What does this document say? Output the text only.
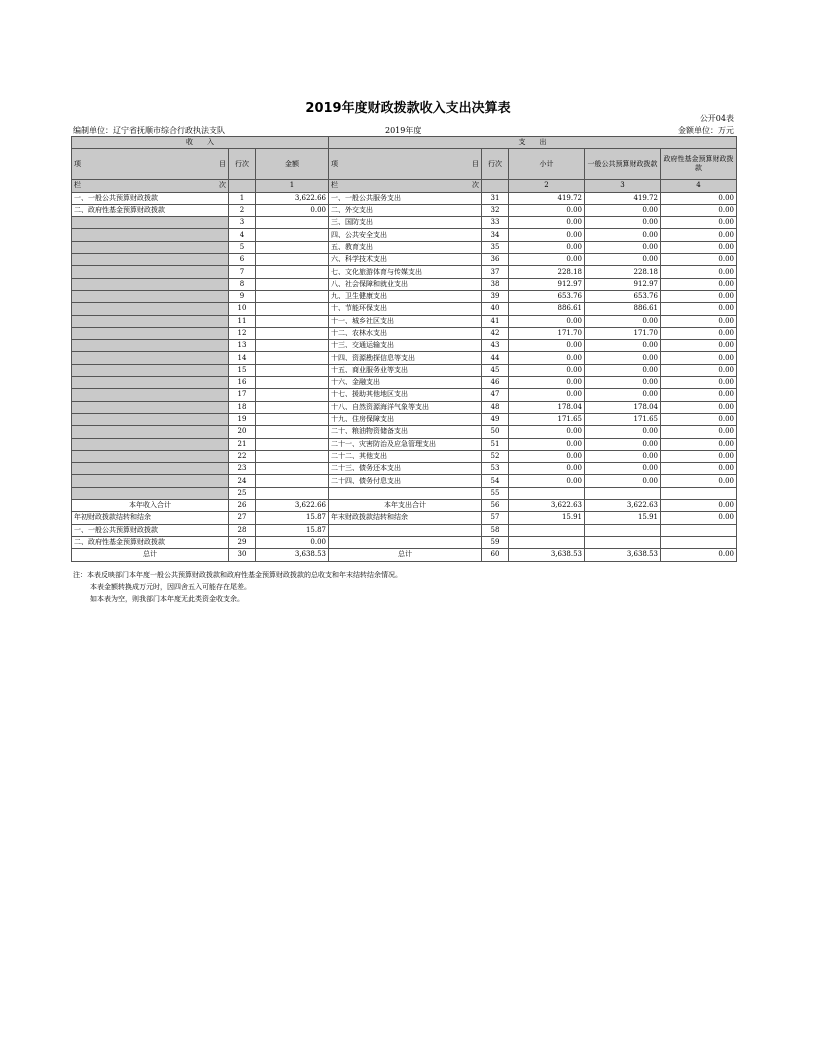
2019年度财政拨款收入支出决算表
公开04表
编制单位：辽宁省抚顺市综合行政执法支队	2019年度	金额单位：万元
收　　入			支　　出				

项 目	行次	金额	项 目	行次	小计	一般公共预算财政拨款	政府性基金预算财政拨款

栏 次		1	栏 次		2	3	4
一、一般公共预算财政拨款	1	3,622.66	一、一般公共服务支出	31	419.72	419.72	0.00
二、政府性基金预算财政拨款	2	0.00	二、外交支出	32	0.00	0.00	0.00
	3		三、国防支出	33	0.00	0.00	0.00
	4		四、公共安全支出	34	0.00	0.00	0.00
	5		五、教育支出	35	0.00	0.00	0.00
	6		六、科学技术支出	36	0.00	0.00	0.00
	7		七、文化旅游体育与传媒支出	37	228.18	228.18	0.00
	8		八、社会保障和就业支出	38	912.97	912.97	0.00
	9		九、卫生健康支出	39	653.76	653.76	0.00
	10		十、节能环保支出	40	886.61	886.61	0.00
	11		十一、城乡社区支出	41	0.00	0.00	0.00
	12		十二、农林水支出	42	171.70	171.70	0.00
	13		十三、交通运输支出	43	0.00	0.00	0.00
	14		十四、资源勘探信息等支出	44	0.00	0.00	0.00
	15		十五、商业服务业等支出	45	0.00	0.00	0.00
	16		十六、金融支出	46	0.00	0.00	0.00
	17		十七、援助其他地区支出	47	0.00	0.00	0.00
	18		十八、自然资源海洋气象等支出	48	178.04	178.04	0.00
	19		十九、住房保障支出	49	171.65	171.65	0.00
	20		二十、粮油物资储备支出	50	0.00	0.00	0.00
	21		二十一、灾害防治及应急管理支出	51	0.00	0.00	0.00
	22		二十二、其他支出	52	0.00	0.00	0.00
	23		二十三、债务还本支出	53	0.00	0.00	0.00
	24		二十四、债务付息支出	54	0.00	0.00	0.00
	25			55			
本年收入合计	26	3,622.66	本年支出合计	56	3,622.63	3,622.63	0.00
年初财政拨款结转和结余	27	15.87	年末财政拨款结转和结余	57	15.91	15.91	0.00
一、一般公共预算财政拨款	28	15.87		58			
二、政府性基金预算财政拨款	29	0.00		59			
总计	30	3,638.53	总计	60	3,638.53	3,638.53	0.00
注：本表反映部门本年度一般公共预算财政拨款和政府性基金预算财政拨款的总收支和年末结转结余情况。
本表金额转换成万元时，因四舍五入可能存在尾差。
如本表为空，则我部门本年度无此类资金收支余。
